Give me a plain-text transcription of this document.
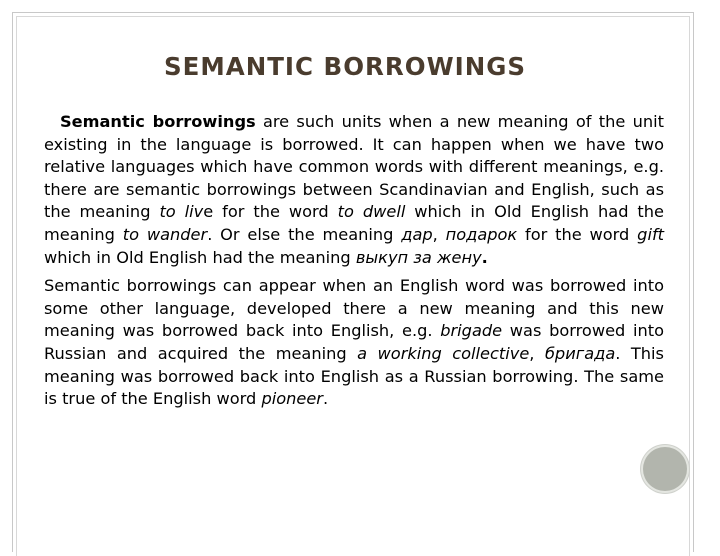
SEMANTIC BORROWINGS

Semantic borrowings are such units when a new meaning of the unit existing in the language is borrowed. It can happen when we have two relative languages which have common words with different meanings, e.g. there are semantic borrowings between Scandinavian and English, such as the meaning to live for the word to dwell which in Old English had the meaning to wander. Or else the meaning дар, подарок for the word gift which in Old English had the meaning выкуп за жену.

Semantic borrowings can appear when an English word was borrowed into some other language, developed there a new meaning and this new meaning was borrowed back into English, e.g. brigade was borrowed into Russian and acquired the meaning a working collective, бригада. This meaning was borrowed back into English as a Russian borrowing. The same is true of the English word pioneer.
